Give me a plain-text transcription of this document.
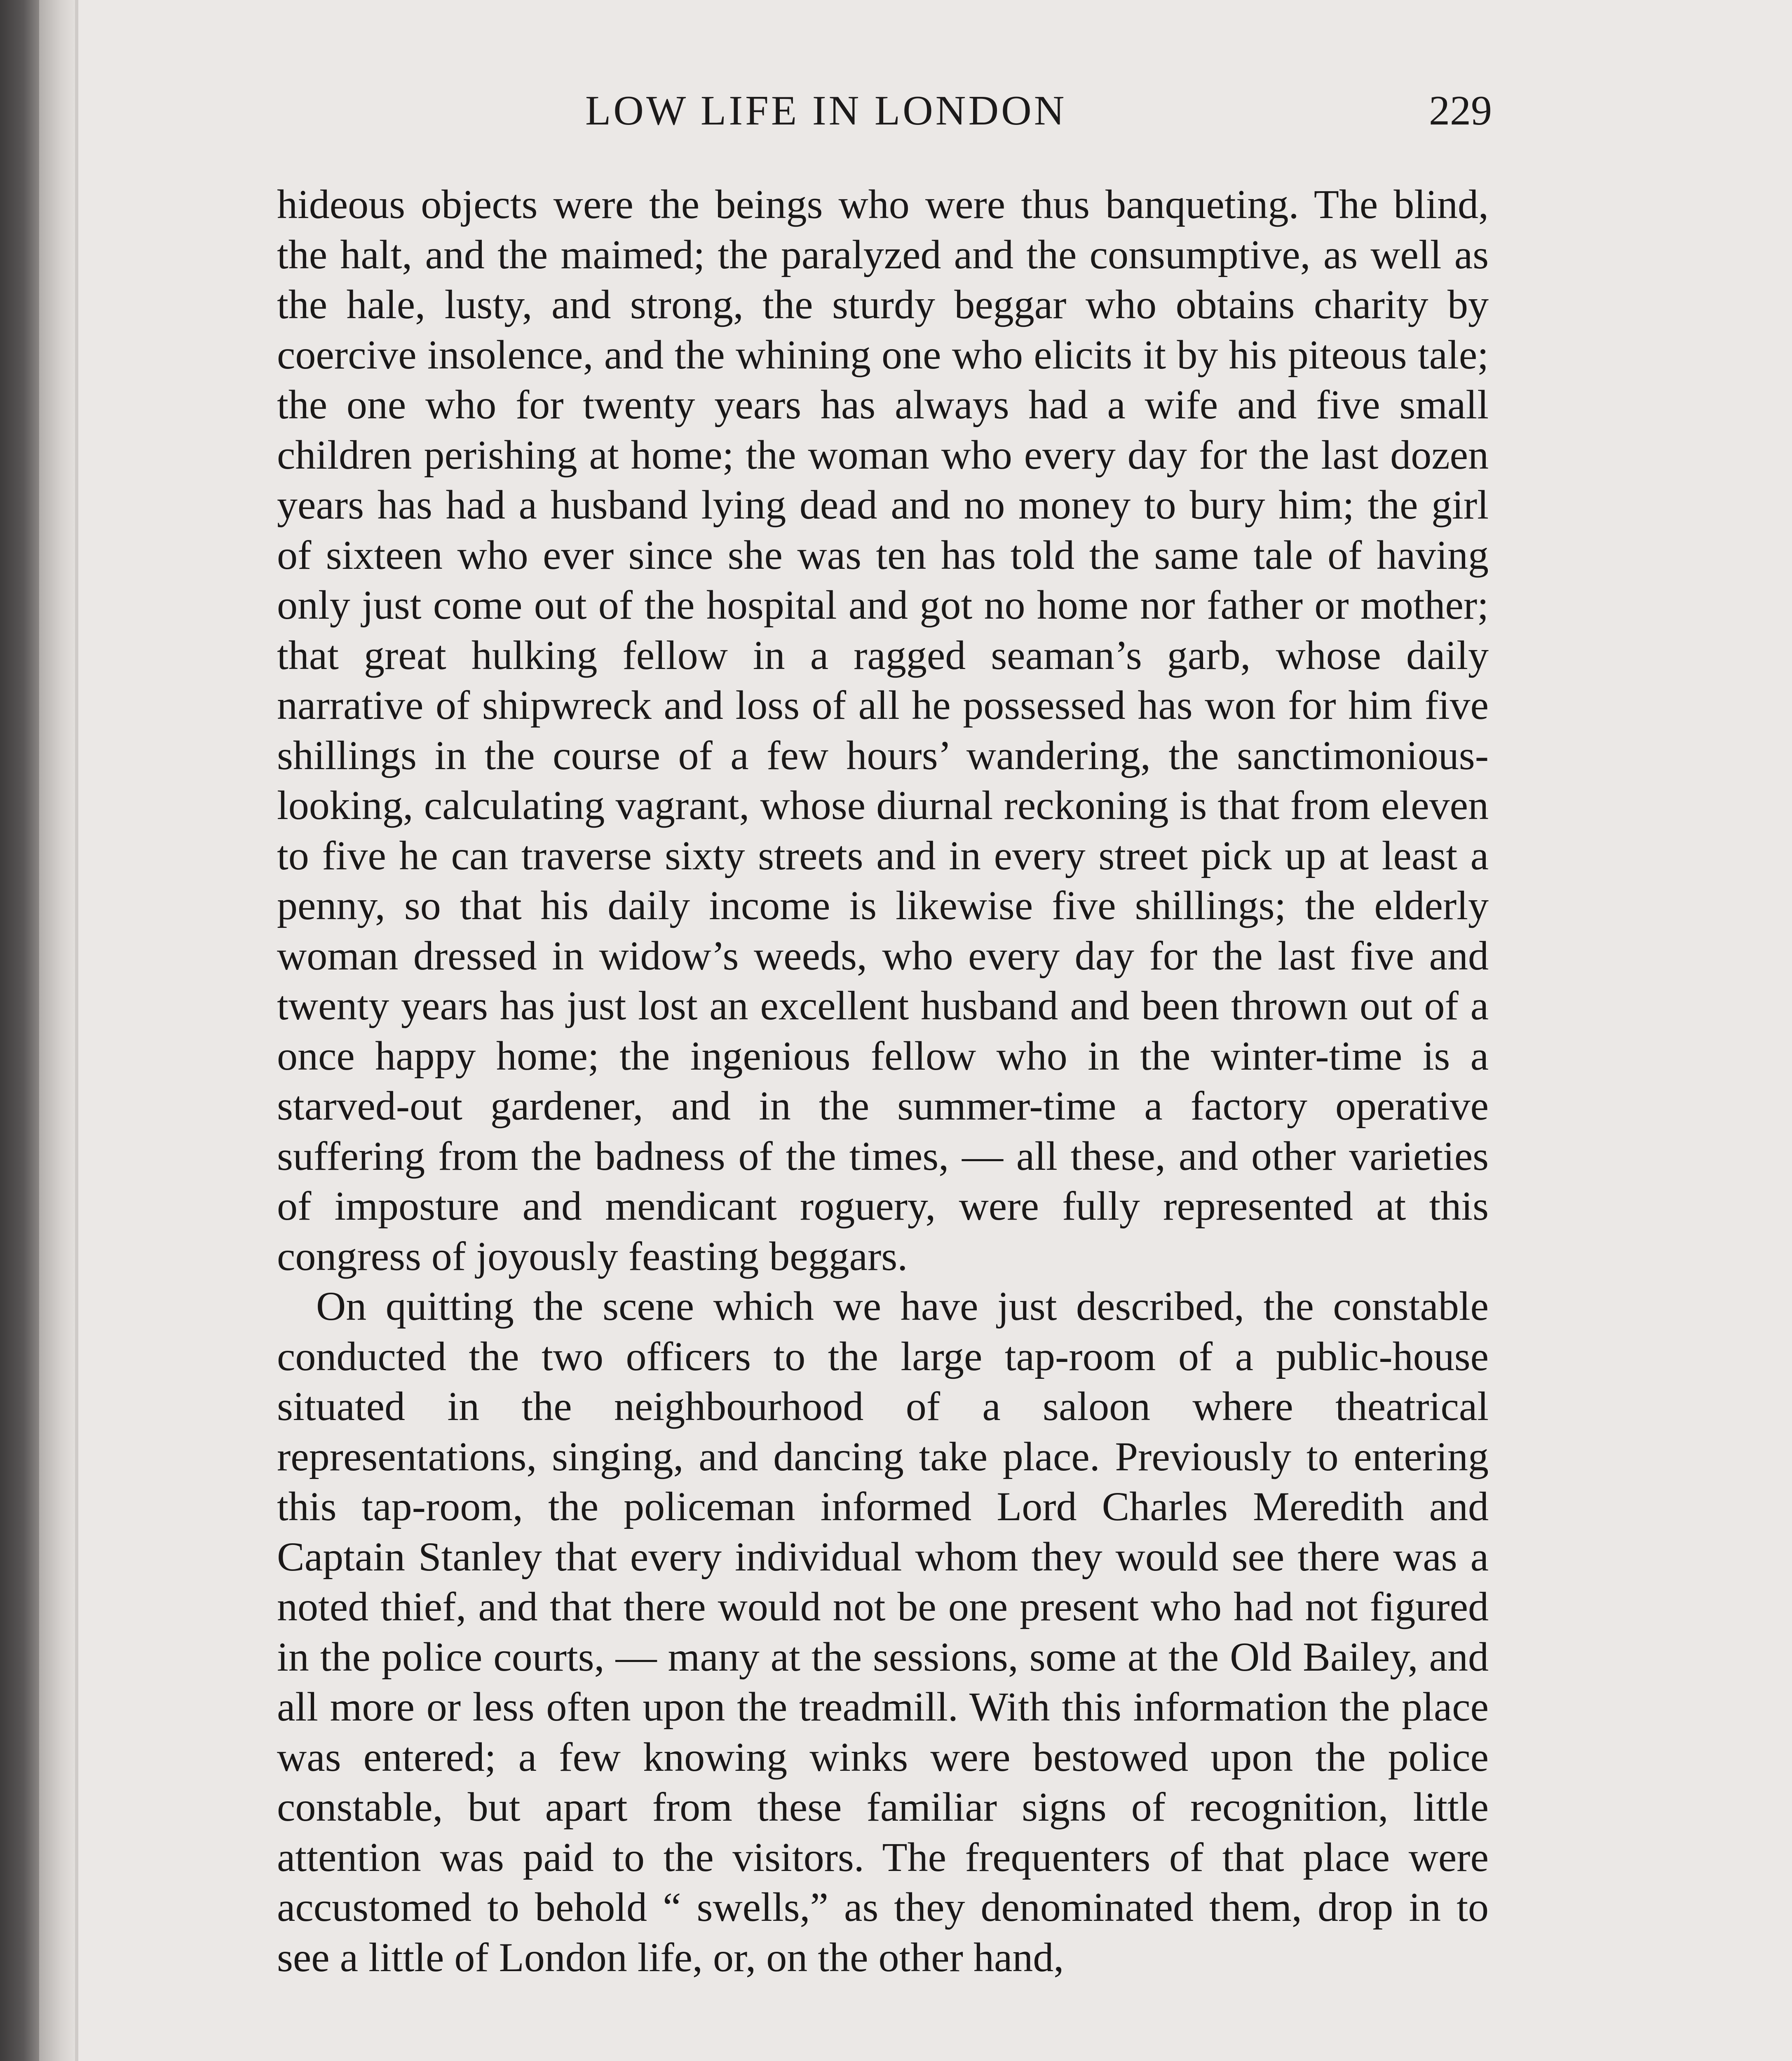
LOW LIFE IN LONDON	229

hideous objects were the beings who were thus banqueting. The blind, the halt, and the maimed; the paralyzed and the consumptive, as well as the hale, lusty, and strong, the sturdy beggar who obtains charity by coercive insolence, and the whining one who elicits it by his piteous tale; the one who for twenty years has always had a wife and five small children perishing at home; the woman who every day for the last dozen years has had a husband lying dead and no money to bury him; the girl of sixteen who ever since she was ten has told the same tale of having only just come out of the hospital and got no home nor father or mother; that great hulking fellow in a ragged seaman’s garb, whose daily narrative of shipwreck and loss of all he possessed has won for him five shillings in the course of a few hours’ wandering, the sanctimonious-looking, calculating vagrant, whose diurnal reckoning is that from eleven to five he can traverse sixty streets and in every street pick up at least a penny, so that his daily income is likewise five shillings; the elderly woman dressed in widow’s weeds, who every day for the last five and twenty years has just lost an excellent husband and been thrown out of a once happy home; the ingenious fellow who in the winter-time is a starved-out gardener, and in the summer-time a factory operative suffering from the badness of the times, — all these, and other varieties of imposture and mendicant roguery, were fully represented at this congress of joyously feasting beggars.

On quitting the scene which we have just described, the constable conducted the two officers to the large tap-room of a public-house situated in the neighbourhood of a saloon where theatrical representations, singing, and dancing take place. Previously to entering this tap-room, the policeman informed Lord Charles Meredith and Captain Stanley that every individual whom they would see there was a noted thief, and that there would not be one present who had not figured in the police courts, — many at the sessions, some at the Old Bailey, and all more or less often upon the treadmill. With this information the place was entered; a few knowing winks were bestowed upon the police constable, but apart from these familiar signs of recognition, little attention was paid to the visitors. The frequenters of that place were accustomed to behold “ swells,” as they denominated them, drop in to see a little of London life, or, on the other hand,
